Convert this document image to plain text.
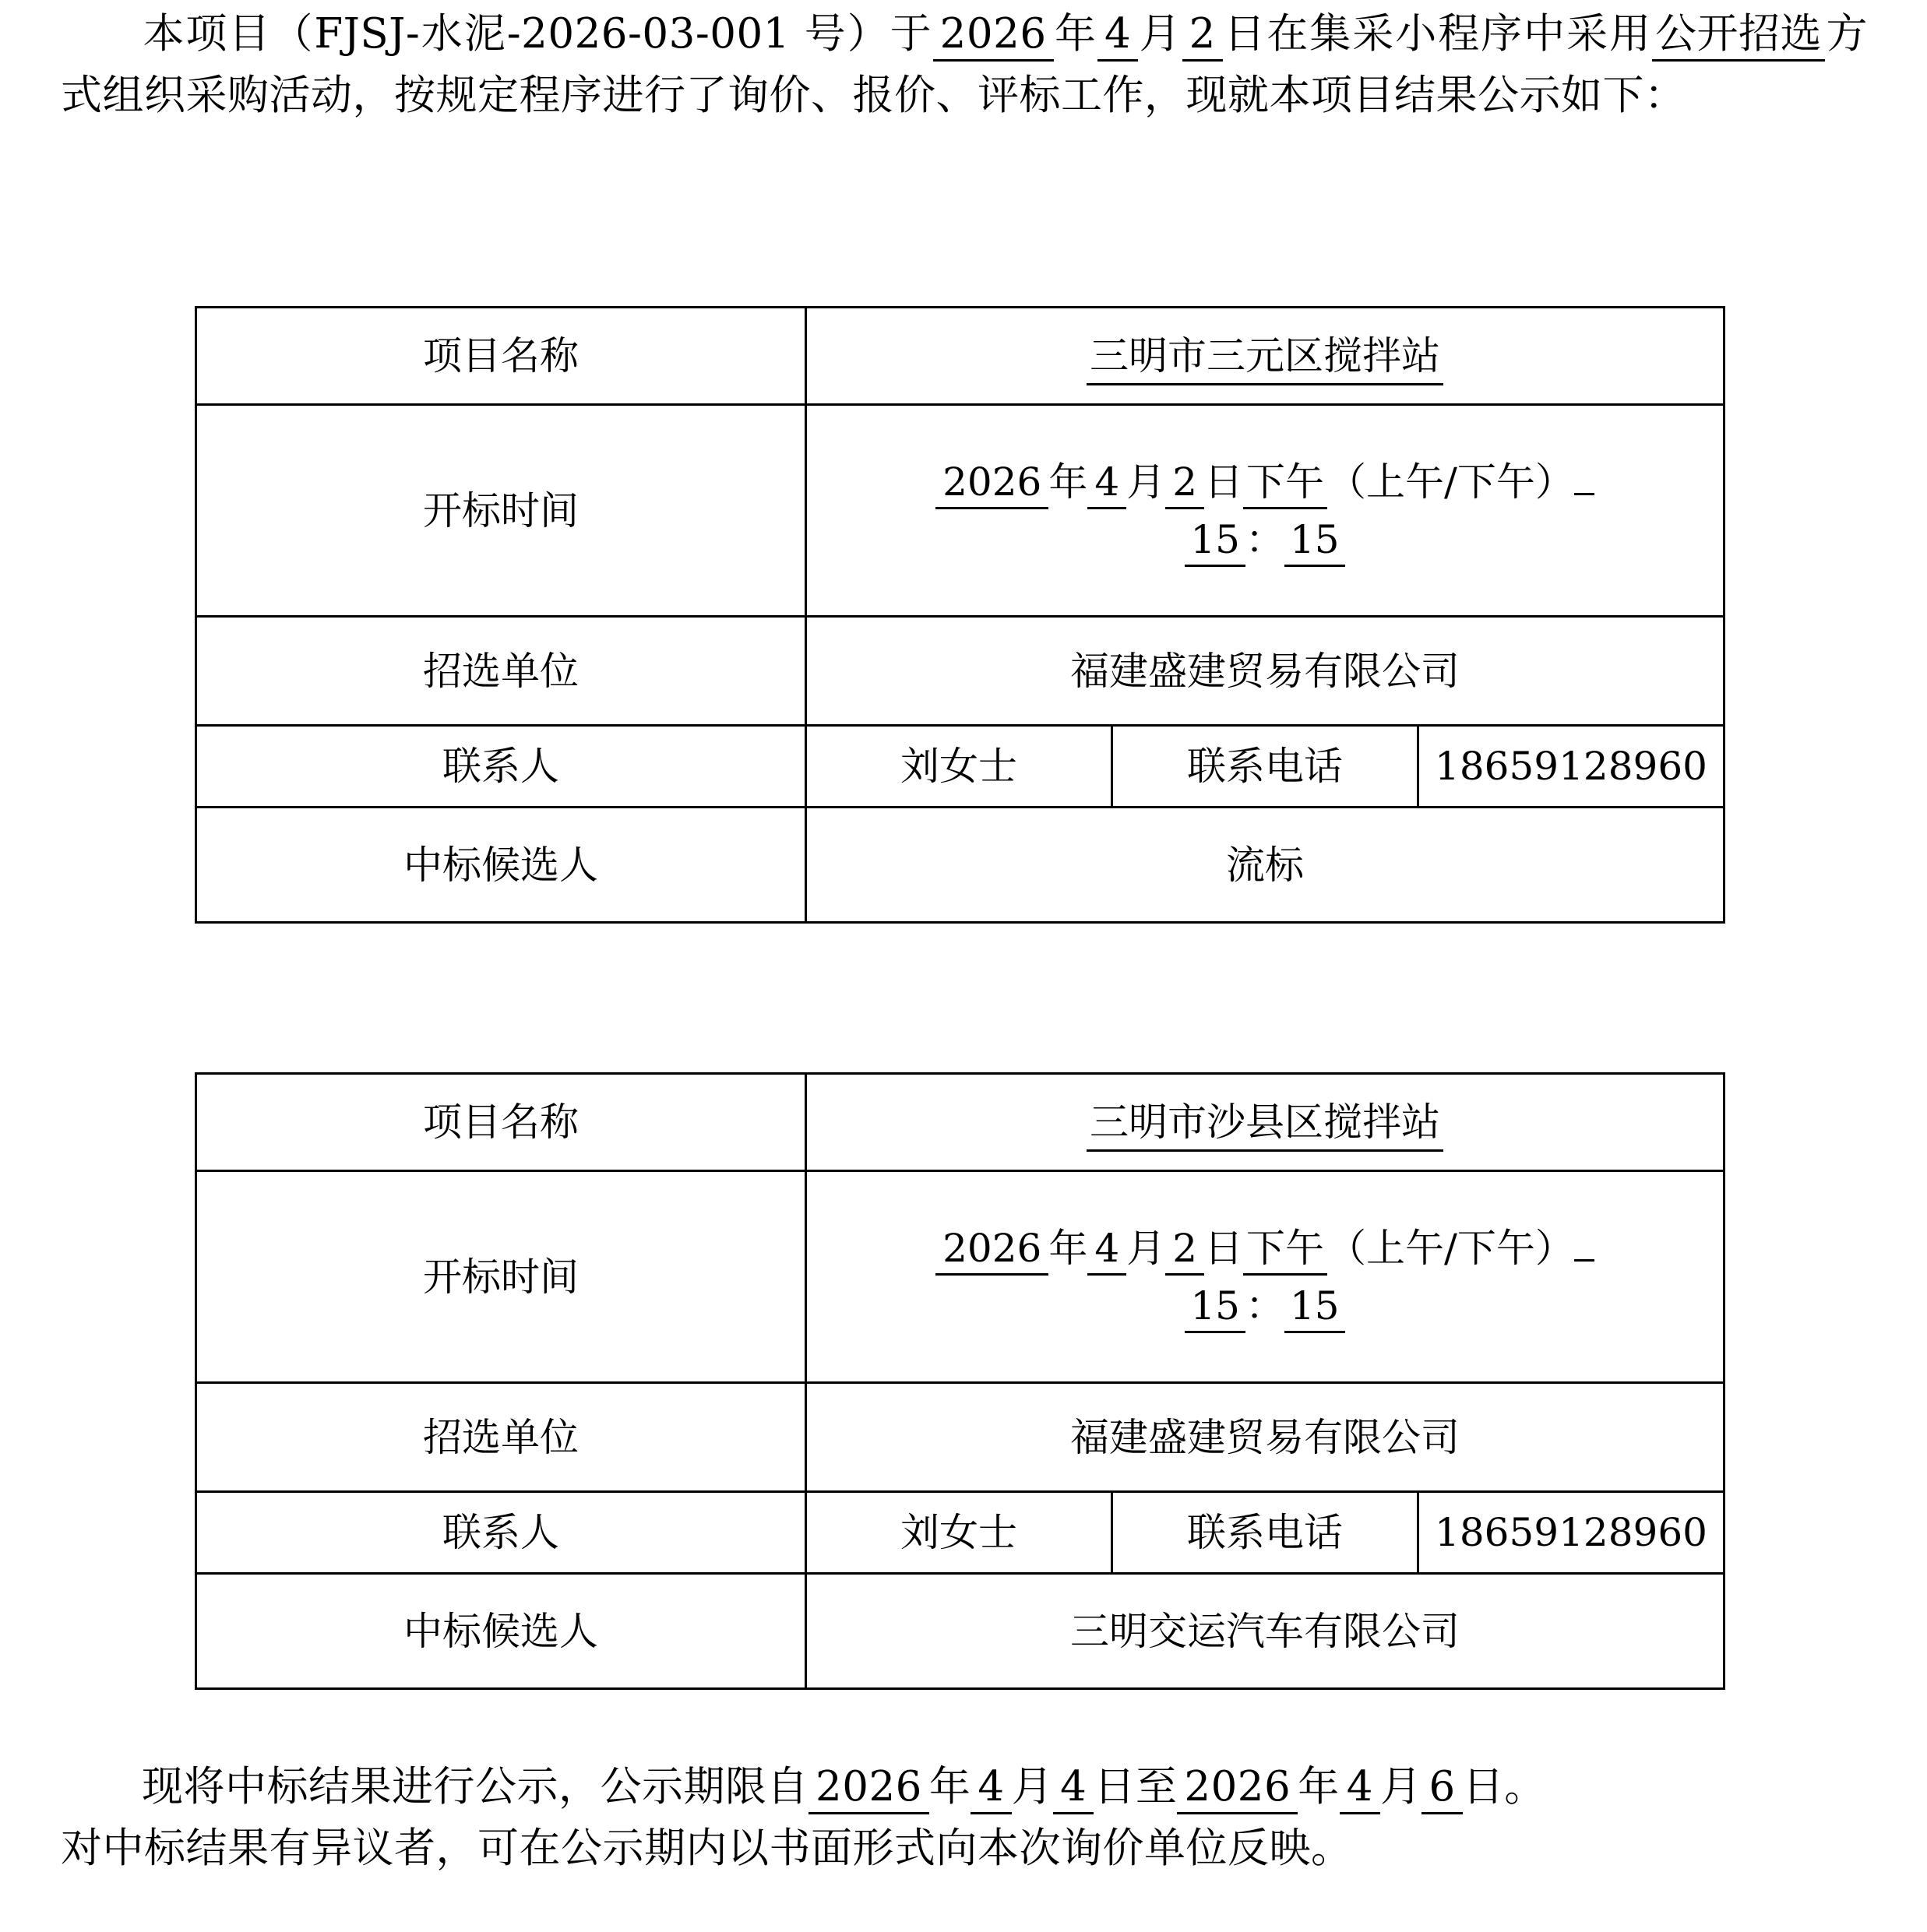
本项目（FJSJ-水泥-2026-03-001 号）于 2026 年 4 月 2 日在集采小程序中采用公开招选方式组织采购活动，按规定程序进行了询价、报价、评标工作，现就本项目结果公示如下：
项目名称	三明市三元区搅拌站		
开标时间	2026 年 4 月 2 日下午（上午/下午）
15 ： 15		

招选单位	福建盛建贸易有限公司		
联系人	刘女士	联系电话	18659128960
中标候选人	流标		
项目名称	三明市沙县区搅拌站		
开标时间	2026 年 4 月 2 日下午（上午/下午）
15 ： 15		

招选单位	福建盛建贸易有限公司		
联系人	刘女士	联系电话	18659128960
中标候选人	三明交运汽车有限公司		
现将中标结果进行公示，公示期限自 2026 年 4 月 4 日至 2026 年 4 月 6 日。
对中标结果有异议者，可在公示期内以书面形式向本次询价单位反映。
